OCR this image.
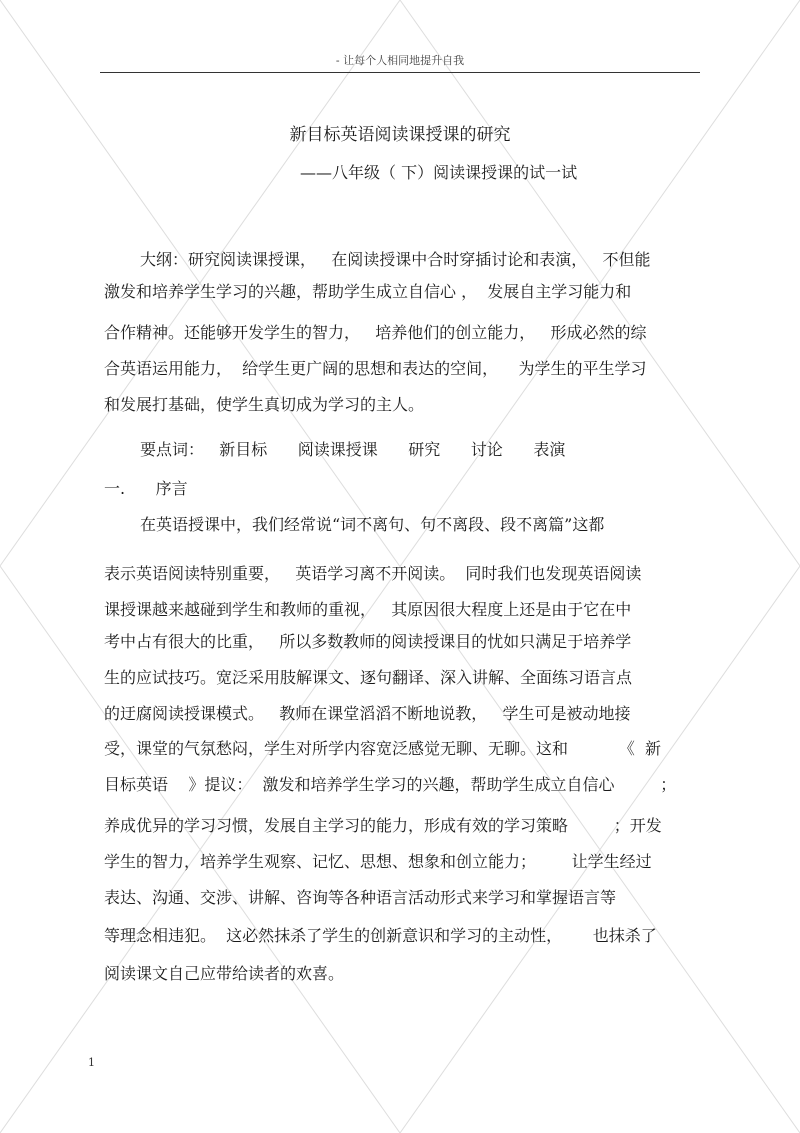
- 让每个人相同地提升自我
新目标英语阅读课授课的研究
——八年级（ 下）阅读课授课的试一试
大纲：研究阅读课授课，   在阅读授课中合时穿插讨论和表演，   不但能
激发和培养学生学习的兴趣，帮助学生成立自信心 ，  发展自主学习能力和
合作精神。还能够开发学生的智力，   培养他们的创立能力，   形成必然的综
合英语运用能力，  给学生更广阔的思想和表达的空间，    为学生的平生学习
和发展打基础，使学生真切成为学习的主人。
要点词：   新目标      阅读课授课      研究      讨论      表演
一.      序言
在英语授课中，我们经常说“词不离句、句不离段、段不离篇”这都
表示英语阅读特别重要，   英语学习离不开阅读。  同时我们也发现英语阅读
课授课越来越碰到学生和教师的重视，   其原因很大程度上还是由于它在中
考中占有很大的比重，   所以多数教师的阅读授课目的忧如只满足于培养学
生的应试技巧。宽泛采用肢解课文、逐句翻译、深入讲解、全面练习语言点
的迂腐阅读授课模式。   教师在课堂滔滔不断地说教，   学生可是被动地接
受，课堂的气氛愁闷，学生对所学内容宽泛感觉无聊、无聊。这和          《  新
目标英语    》提议：  激发和培养学生学习的兴趣，帮助学生成立自信心         ；
养成优异的学习习惯，发展自主学习的能力，形成有效的学习策略         ；开发
学生的智力，培养学生观察、记忆、思想、想象和创立能力；       让学生经过
表达、沟通、交涉、讲解、咨询等各种语言活动形式来学习和掌握语言等
等理念相违犯。  这必然抹杀了学生的创新意识和学习的主动性，      也抹杀了
阅读课文自己应带给读者的欢喜。
1
